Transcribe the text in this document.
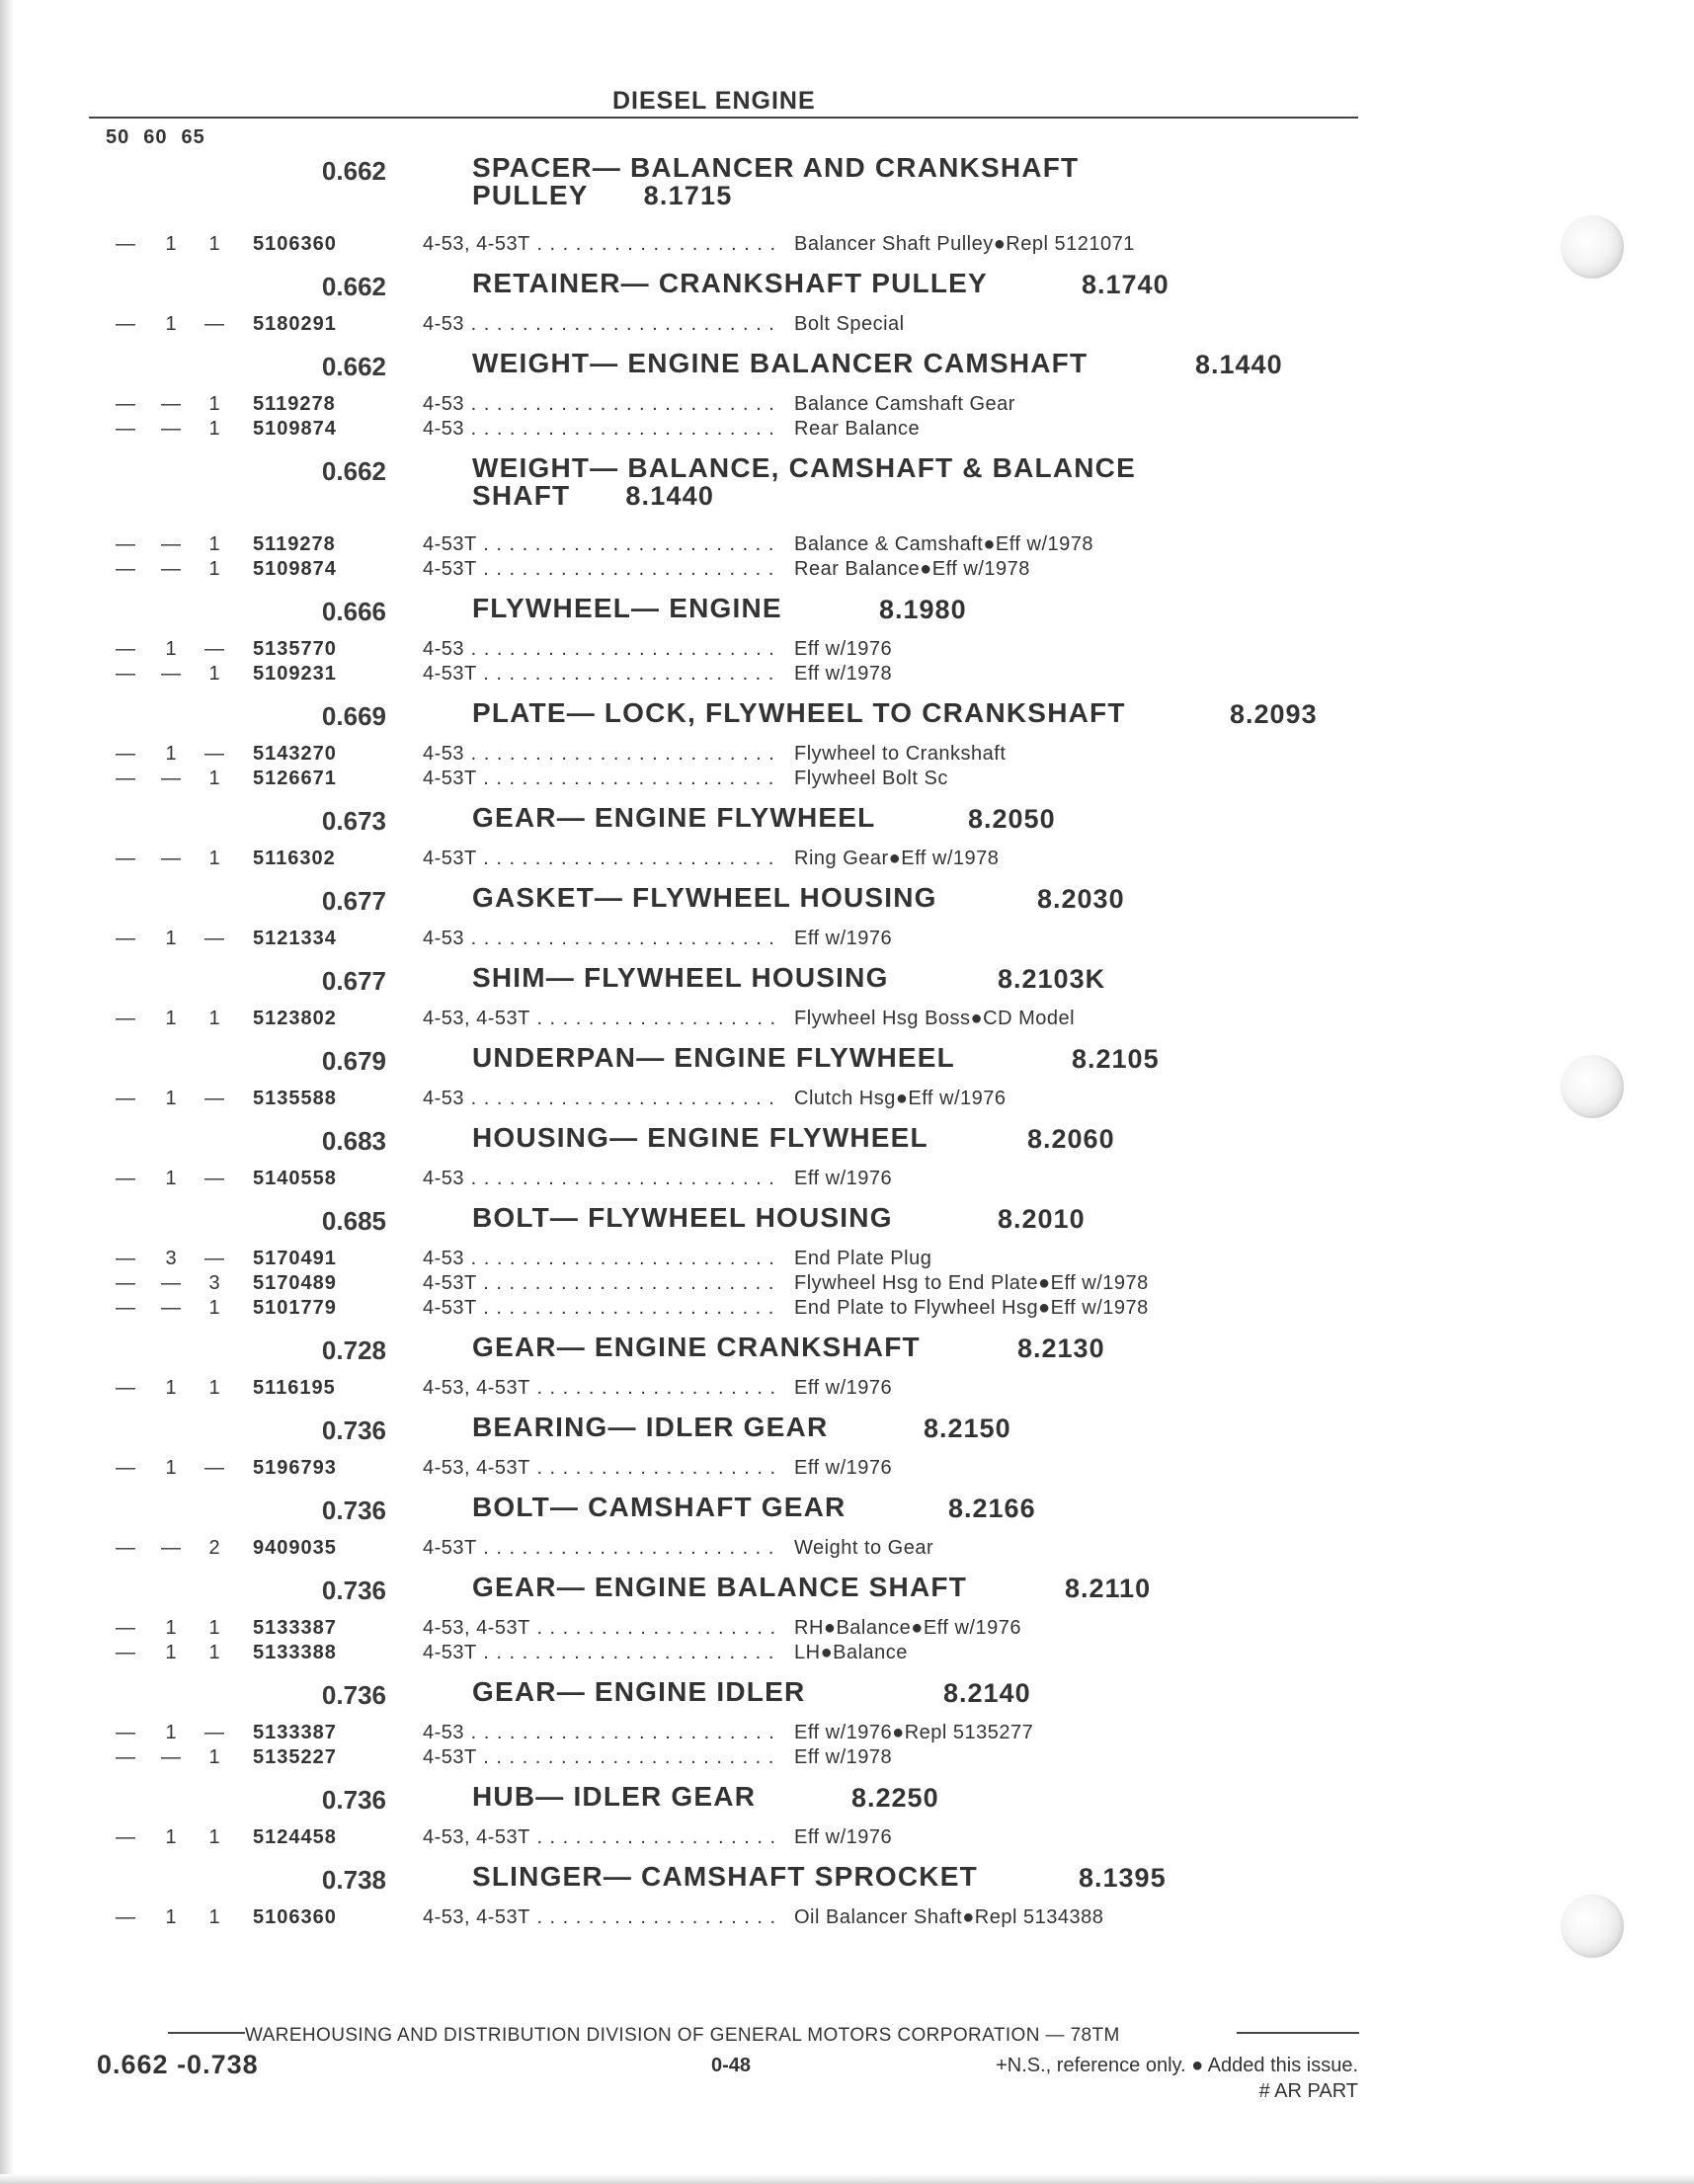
DIESEL ENGINE
50 60 65
0.662	SPACER— BALANCER AND CRANKSHAFT
PULLEY 8.1715
—	1	1	5106360	4-53, 4-53T . . .	Balancer Shaft Pulley●Repl 5121071
0.662	RETAINER— CRANKSHAFT PULLEY	8.1740
—	1	— 5180291	4-53 . . .	Bolt Special
0.662	WEIGHT— ENGINE BALANCER CAMSHAFT	8.1440
— —	1	5119278	4-53 . . .	Balance Camshaft Gear
— —	1	5109874	4-53 . . .	Rear Balance
0.662	WEIGHT— BALANCE, CAMSHAFT & BALANCE
SHAFT 8.1440
— —	1	5119278	4-53T . . .	Balance & Camshaft●Eff w/1978
— —	1	5109874	4-53T . . .	Rear Balance●Eff w/1978
0.666	FLYWHEEL— ENGINE	8.1980
—	1	— 5135770	4-53 . . .	Eff w/1976
— —	1	5109231	4-53T . . .	Eff w/1978
0.669	PLATE— LOCK, FLYWHEEL TO CRANKSHAFT	8.2093
—	1	— 5143270	4-53 . . .	Flywheel to Crankshaft
— —	1	5126671	4-53T . . .	Flywheel Bolt Sc
0.673	GEAR— ENGINE FLYWHEEL	8.2050
— —	1	5116302	4-53T . . .	Ring Gear●Eff w/1978
0.677	GASKET— FLYWHEEL HOUSING	8.2030
—	1	— 5121334	4-53 . . .	Eff w/1976
0.677	SHIM— FLYWHEEL HOUSING	8.2103K
—	1	1	5123802	4-53, 4-53T . . .	Flywheel Hsg Boss●CD Model
0.679	UNDERPAN— ENGINE FLYWHEEL	8.2105
—	1	— 5135588	4-53 . . .	Clutch Hsg●Eff w/1976
0.683	HOUSING— ENGINE FLYWHEEL	8.2060
—	1	— 5140558	4-53 . . .	Eff w/1976
0.685	BOLT— FLYWHEEL HOUSING	8.2010
—	3	— 5170491	4-53 . . .	End Plate Plug
— —	3	5170489	4-53T . . .	Flywheel Hsg to End Plate●Eff w/1978
— —	1	5101779	4-53T . . .	End Plate to Flywheel Hsg●Eff w/1978
0.728	GEAR— ENGINE CRANKSHAFT	8.2130
—	1	1	5116195	4-53, 4-53T . . .	Eff w/1976
0.736	BEARING— IDLER GEAR	8.2150
—	1	— 5196793	4-53, 4-53T . . .	Eff w/1976
0.736	BOLT— CAMSHAFT GEAR	8.2166
— —	2	9409035	4-53T . . .	Weight to Gear
0.736	GEAR— ENGINE BALANCE SHAFT	8.2110
—	1	1	5133387	4-53, 4-53T . . .	RH●Balance●Eff w/1976
—	1	1	5133388	4-53T . . .	LH●Balance
0.736	GEAR— ENGINE IDLER	8.2140
—	1	— 5133387	4-53 . . .	Eff w/1976●Repl 5135277
— —	1	5135227	4-53T . . .	Eff w/1978
0.736	HUB— IDLER GEAR	8.2250
—	1	1	5124458	4-53, 4-53T . . .	Eff w/1976
0.738	SLINGER— CAMSHAFT SPROCKET	8.1395
—	1	1	5106360	4-53, 4-53T . . .	Oil Balancer Shaft●Repl 5134388
WAREHOUSING AND DISTRIBUTION DIVISION OF GENERAL MOTORS CORPORATION — 78TM
0.662 -0.738	0-48	+N.S., reference only. ● Added this issue.
# AR PART
